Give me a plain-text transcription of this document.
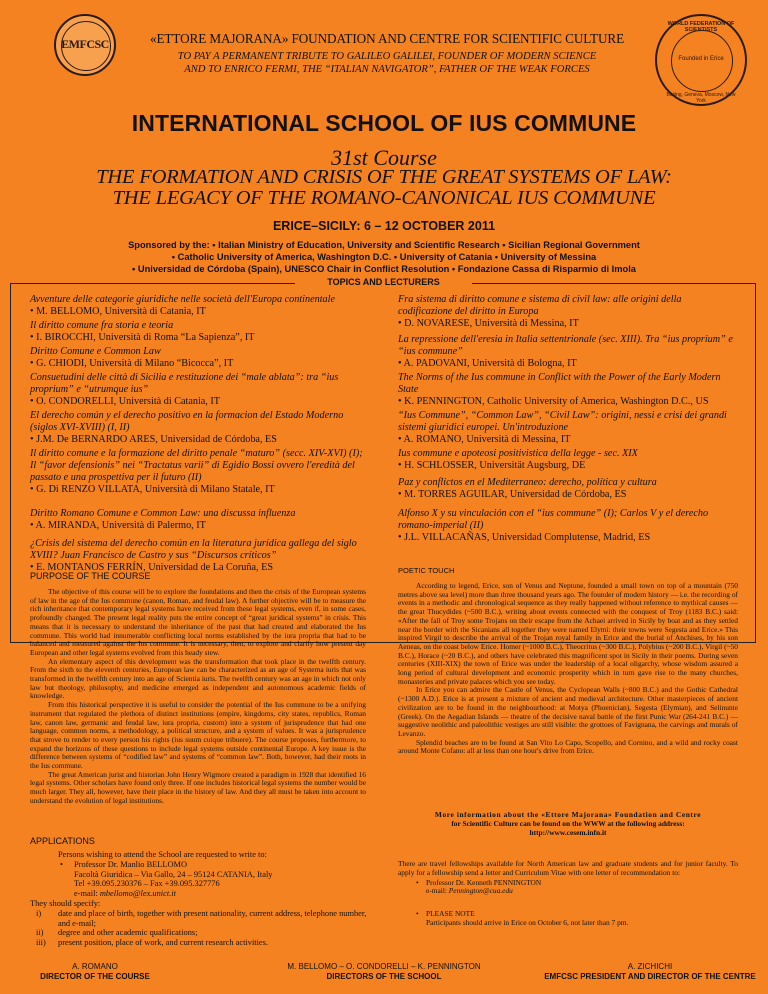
EMFCSC
WORLD FEDERATION OF SCIENTISTS
Founded in Erice
Beijing, Geneva, Moscow, New York
«ETTORE MAJORANA» FOUNDATION AND CENTRE FOR SCIENTIFIC CULTURE
TO PAY A PERMANENT TRIBUTE TO GALILEO GALILEI, FOUNDER OF MODERN SCIENCE
AND TO ENRICO FERMI, THE “ITALIAN NAVIGATOR”, FATHER OF THE WEAK FORCES
INTERNATIONAL SCHOOL OF IUS COMMUNE
31st Course
THE FORMATION AND CRISIS OF THE GREAT SYSTEMS OF LAW:
THE LEGACY OF THE ROMANO-CANONICAL IUS COMMUNE
ERICE–SICILY: 6 – 12 OCTOBER 2011
Sponsored by the: • Italian Ministry of Education, University and Scientific Research • Sicilian Regional Government
• Catholic University of America, Washington D.C. • University of Catania • University of Messina
• Universidad de Córdoba (Spain), UNESCO Chair in Conflict Resolution • Fondazione Cassa di Risparmio di Imola
TOPICS AND LECTURERS
Avventure delle categorie giuridiche nelle società dell'Europa continentale
• M. BELLOMO, Università di Catania, IT
Il diritto comune fra storia e teoria
• I. BIROCCHI, Università di Roma “La Sapienza”, IT
Diritto Comune e Common Law
• G. CHIODI, Università di Milano “Bicocca”, IT
Consuetudini delle città di Sicilia e restituzione dei “male ablata”: tra “ius proprium” e “utrumque ius”
• O. CONDORELLI, Università di Catania, IT
El derecho común y el derecho positivo en la formacion del Estado Moderno (siglos XVI-XVIII) (I, II)
• J.M. De BERNARDO ARES, Universidad de Córdoba, ES
Il diritto comune e la formazione del diritto penale “maturo” (secc. XIV-XVI) (I); Il “favor defensionis” nei “Tractatus varii” di Egidio Bossi ovvero l'eredità del passato e una prospettiva per il futuro (II)
• G. Di RENZO VILLATA, Università di Milano Statale, IT
Diritto Romano Comune e Common Law: una discussa influenza
• A. MIRANDA, Università di Palermo, IT
¿Crisis del sistema del derecho común en la literatura jurídica gallega del siglo XVIII? Juan Francisco de Castro y sus “Discursos críticos”
• E. MONTANOS FERRÍN, Universidad de La Coruña, ES
Fra sistema di diritto comune e sistema di civil law: alle origini della codificazione del diritto in Europa
• D. NOVARESE, Università di Messina, IT
La repressione dell'eresia in Italia settentrionale (sec. XIII). Tra “ius proprium” e “ius commune”
• A. PADOVANI, Università di Bologna, IT
The Norms of the Ius commune in Conflict with the Power of the Early Modern State
• K. PENNINGTON, Catholic University of America, Washington D.C., US
“Ius Commune”, “Common Law”, “Civil Law”: origini, nessi e crisi dei grandi sistemi giuridici europei. Un'introduzione
• A. ROMANO, Università di Messina, IT
Ius commune e apoteosi positivistica della legge - sec. XIX
• H. SCHLOSSER, Universität Augsburg, DE
Paz y conflictos en el Mediterraneo: derecho, política y cultura
• M. TORRES AGUILAR, Universidad de Córdoba, ES
Alfonso X y su vinculación con el “ius commune” (I); Carlos V y el derecho romano-imperial (II)
• J.L. VILLACAÑAS, Universidad Complutense, Madrid, ES
PURPOSE OF THE COURSE

The objective of this course will be to explore the foundations and then the crisis of the European systems of law in the age of the Ius commune (canon, Roman, and feudal law). A further objective will be to measure the rich inheritance that contemporary legal systems have received from these legal systems, even if, in some cases, profoundly changed. The present legal reality puts the entire concept of “great juridical systems” in crisis. This means that it is necessary to understand the inheritance of the past that had created and elaborated the Ius commune. This world had innumerable conflicting local norms established by the iura propria that had to be balanced and measured against the Ius commune. It is necessary, then, to explore and clarify how present day European and other legal systems evolved from this heady stew.

An elementary aspect of this development was the transformation that took place in the twelfth century. From the sixth to the eleventh centuries, European law can be characterized as an age of Systema iuris that was transformed in the twelfth century into an age of Scientia iuris. The twelfth century was an age in which not only law but theology, philosophy, and medicine emerged as independent and autonomous academic fields of knowledge.

From this historical perspective it is useful to consider the potential of the Ius commune to be a unifying instrument that regulated the plethora of distinct institutions (empire, kingdoms, city states, republics, Roman law, canon law, germanic and feudal law, iura propria, custom) into a system of jurisprudence that had one language, common norms, a methodology, a political structure, and a system of values. It was a jurisprudence that strove to render to every person his rights (ius suum cuique tribuere). The course proposes, furthermore, to expand the horizons of these questions to include legal systems outside continental Europe. A key issue is the difference between systems of “codified law” and systems of “common law”. Both, however, had their roots in the Ius commune.

The great American jurist and historian John Henry Wigmore created a paradigm in 1928 that identified 16 legal systems. Other scholars have found only three. If one includes historical legal systems the number would be much larger. They all, however, have their place in the history of law. And they all must be taken into account to understand the evolution of legal institutions.

POETIC TOUCH

According to legend, Erice, son of Venus and Neptune, founded a small town on top of a mountain (750 metres above sea level) more than three thousand years ago. The founder of modern history — i.e. the recording of events in a methodic and chronological sequence as they really happened without reference to mythical causes — the great Thucydides (~500 B.C.), writing about events connected with the conquest of Troy (1183 B.C.) said: «After the fall of Troy some Trojans on their escape from the Achaei arrived in Sicily by boat and as they settled near the border with the Sicanians all together they were named Elymi: their towns were Segesta and Erice.» This inspired Virgil to describe the arrival of the Trojan royal family in Erice and the burial of Anchises, by his son Aeneas, on the coast below Erice. Homer (~1000 B.C.), Theocritus (~300 B.C.), Polybius (~200 B.C.), Virgil (~50 B.C.), Horace (~20 B.C.), and others have celebrated this magnificent spot in Sicily in their poems. During seven centuries (XIII-XIX) the town of Erice was under the leadership of a local oligarchy, whose wisdom assured a long period of cultural development and economic prosperity which in turn gave rise to the many churches, monasteries and private palaces which you see today.

In Erice you can admire the Castle of Venus, the Cyclopean Walls (~800 B.C.) and the Gothic Cathedral (~1300 A.D.). Erice is at present a mixture of ancient and medieval architecture. Other masterpieces of ancient civilization are to be found in the neighbourhood: at Motya (Phoenician), Segesta (Elymian), and Selinunte (Greek). On the Aegadian Islands — theatre of the decisive naval battle of the first Punic War (264-241 B.C.) — suggestive neolithic and paleolithic vestiges are still visible: the grottoes of Favignana, the carvings and murals of Levanzo.

Splendid beaches are to be found at San Vito Lo Capo, Scopello, and Cornino, and a wild and rocky coast around Monte Cofano: all at less than one hour's drive from Erice.

More information about the «Ettore Majorana» Foundation and Centre
for Scientific Culture can be found on the WWW at the following address:
http://www.cesem.infn.it
APPLICATIONS
Persons wishing to attend the School are requested to write to:
• Professor Dr. Manlio BELLOMO
Facoltà Giuridica – Via Gallo, 24 – 95124 CATANIA, Italy
Tel +39.095.230376 – Fax +39.095.327776
e-mail: mbellomo@lex.unict.it
They should specify:
i) date and place of birth, together with present nationality, current address, telephone number, and e-mail;
ii) degree and other academic qualifications;
iii) present position, place of work, and current research activities.
There are travel fellowships available for North American law and graduate students and for junior faculty. To apply for a fellowship send a letter and Curriculum Vitae with one letter of recommendation to:
• Professor Dr. Kenneth PENNINGTON
e-mail: Pennington@cua.edu
• PLEASE NOTE
Participants should arrive in Erice on October 6, not later than 7 pm.
A. ROMANO
DIRECTOR OF THE COURSE
M. BELLOMO – O. CONDORELLI – K. PENNINGTON
DIRECTORS OF THE SCHOOL
A. ZICHICHI
EMFCSC PRESIDENT AND DIRECTOR OF THE CENTRE
